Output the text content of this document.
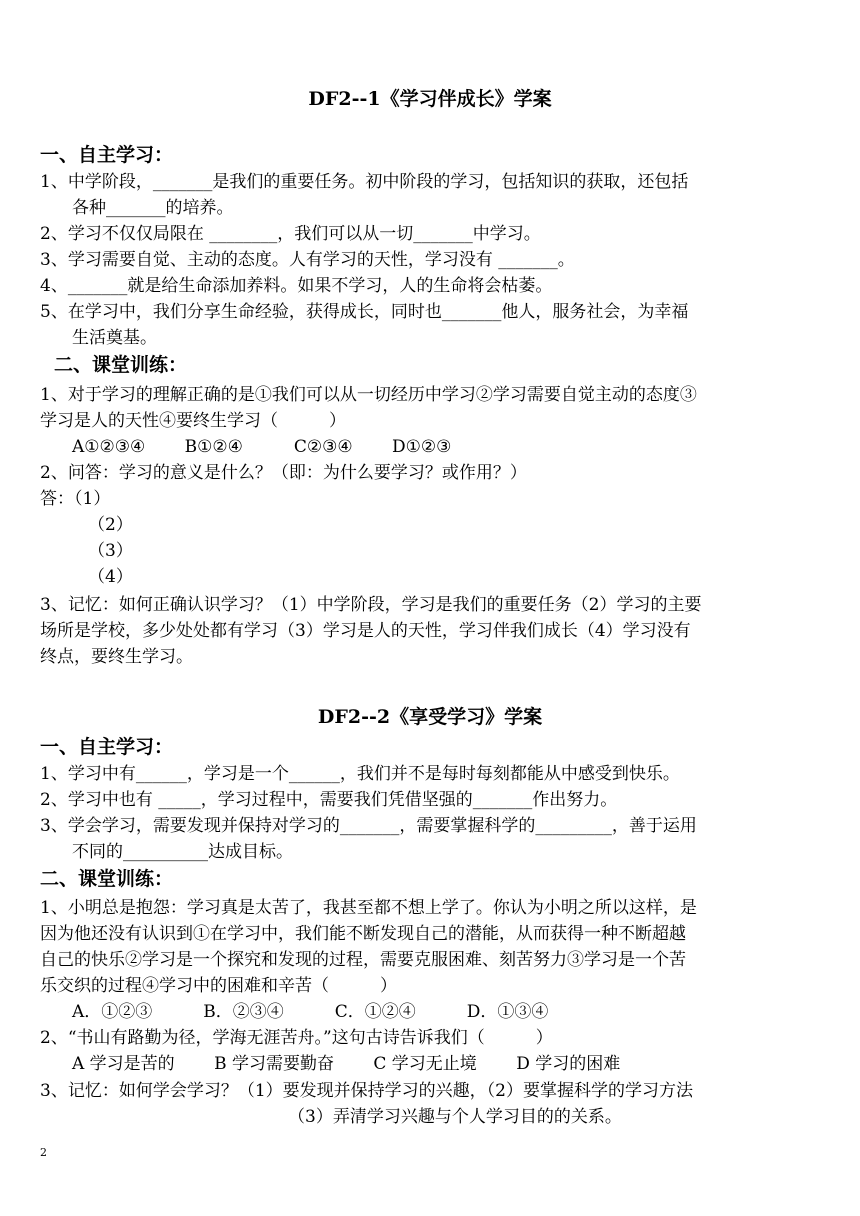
DF2--1《学习伴成长》学案
一、自主学习：
1、中学阶段，_______是我们的重要任务。初中阶段的学习，包括知识的获取，还包括
各种_______的培养。
2、学习不仅仅局限在 ________，我们可以从一切_______中学习。
3、学习需要自觉、主动的态度。人有学习的天性，学习没有 _______。
4、_______就是给生命添加养料。如果不学习，人的生命将会枯萎。
5、在学习中，我们分享生命经验，获得成长，同时也_______他人，服务社会，为幸福
生活奠基。
二、课堂训练：
1、对于学习的理解正确的是①我们可以从一切经历中学习②学习需要自觉主动的态度③
学习是人的天性④要终生学习（　　　）
A①②③④　　 B①②④　　　C②③④　　 D①②③
2、问答：学习的意义是什么？（即：为什么要学习？或作用？）
答：（1）
（2）
（3）
（4）
3、记忆：如何正确认识学习？（1）中学阶段，学习是我们的重要任务（2）学习的主要
场所是学校，多少处处都有学习（3）学习是人的天性，学习伴我们成长（4）学习没有
终点，要终生学习。
DF2--2《享受学习》学案
一、自主学习：
1、学习中有______，学习是一个______，我们并不是每时每刻都能从中感受到快乐。
2、学习中也有 _____，学习过程中，需要我们凭借坚强的_______作出努力。
3、学会学习，需要发现并保持对学习的_______，需要掌握科学的_________，善于运用
不同的__________达成目标。
二、课堂训练：
1、小明总是抱怨：学习真是太苦了，我甚至都不想上学了。你认为小明之所以这样，是
因为他还没有认识到①在学习中，我们能不断发现自己的潜能，从而获得一种不断超越
自己的快乐②学习是一个探究和发现的过程，需要克服困难、刻苦努力③学习是一个苦
乐交织的过程④学习中的困难和辛苦（　　　）
A．①②③　　　B．②③④　　　C．①②④　　　D．①③④
2、“书山有路勤为径，学海无涯苦舟。”这句古诗告诉我们（　　　）
A 学习是苦的　　 B 学习需要勤奋　　 C 学习无止境　　 D 学习的困难
3、记忆：如何学会学习？（1）要发现并保持学习的兴趣，（2）要掌握科学的学习方法
（3）弄清学习兴趣与个人学习目的的关系。
2
